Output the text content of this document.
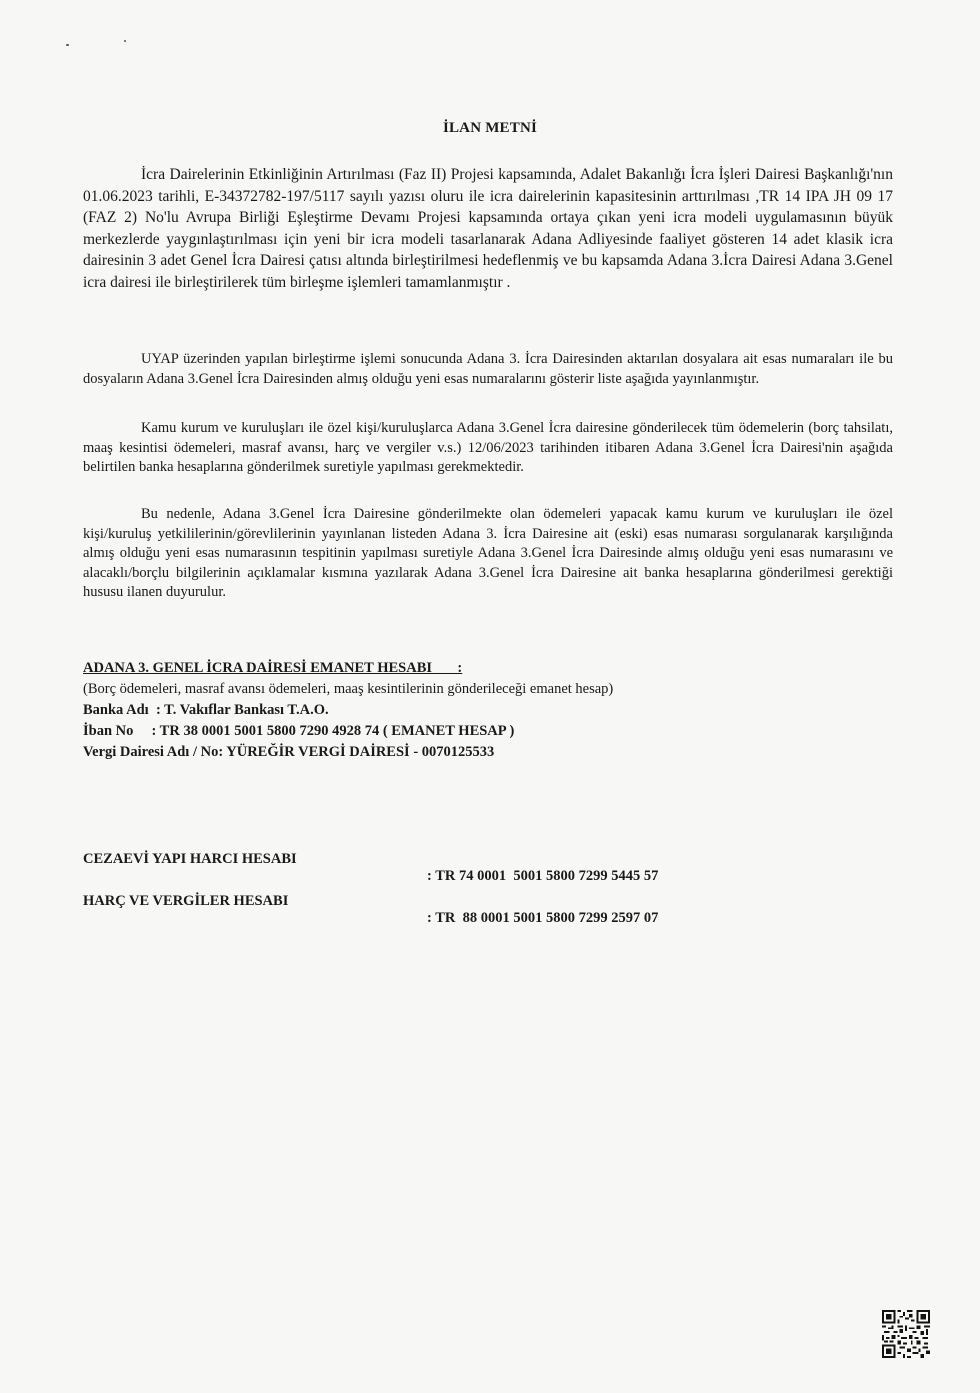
İLAN METNİ

İcra Dairelerinin Etkinliğinin Artırılması (Faz II) Projesi kapsamında, Adalet Bakanlığı İcra İşleri Dairesi Başkanlığı'nın 01.06.2023 tarihli, E-34372782-197/5117 sayılı yazısı oluru ile icra dairelerinin kapasitesinin arttırılması ,TR 14 IPA JH 09 17 (FAZ 2) No'lu Avrupa Birliği Eşleştirme Devamı Projesi kapsamında ortaya çıkan yeni icra modeli uygulamasının büyük merkezlerde yaygınlaştırılması için yeni bir icra modeli tasarlanarak Adana Adliyesinde faaliyet gösteren 14 adet klasik icra dairesinin 3 adet Genel İcra Dairesi çatısı altında birleştirilmesi hedeflenmiş ve bu kapsamda Adana 3.İcra Dairesi Adana 3.Genel icra dairesi ile birleştirilerek tüm birleşme işlemleri tamamlanmıştır .

UYAP üzerinden yapılan birleştirme işlemi sonucunda Adana 3. İcra Dairesinden aktarılan dosyalara ait esas numaraları ile bu dosyaların Adana 3.Genel İcra Dairesinden almış olduğu yeni esas numaralarını gösterir liste aşağıda yayınlanmıştır.

Kamu kurum ve kuruluşları ile özel kişi/kuruluşlarca Adana 3.Genel İcra dairesine gönderilecek tüm ödemelerin (borç tahsilatı, maaş kesintisi ödemeleri, masraf avansı, harç ve vergiler v.s.) 12/06/2023 tarihinden itibaren Adana 3.Genel İcra Dairesi'nin aşağıda belirtilen banka hesaplarına gönderilmek suretiyle yapılması gerekmektedir.

Bu nedenle, Adana 3.Genel İcra Dairesine gönderilmekte olan ödemeleri yapacak kamu kurum ve kuruluşları ile özel kişi/kuruluş yetkililerinin/görevlilerinin yayınlanan listeden Adana 3. İcra Dairesine ait (eski) esas numarası sorgulanarak karşılığında almış olduğu yeni esas numarasının tespitinin yapılması suretiyle Adana 3.Genel İcra Dairesinde almış olduğu yeni esas numarasını ve alacaklı/borçlu bilgilerinin açıklamalar kısmına yazılarak Adana 3.Genel İcra Dairesine ait banka hesaplarına gönderilmesi gerektiği hususu ilanen duyurulur.

ADANA 3. GENEL İCRA DAİRESİ EMANET HESABI       :
(Borç ödemeleri, masraf avansı ödemeleri, maaş kesintilerinin gönderileceği emanet hesap)
Banka Adı  : T. Vakıflar Bankası T.A.O.
İban No     : TR 38 0001 5001 5800 7290 4928 74 ( EMANET HESAP )
Vergi Dairesi Adı / No: YÜREĞİR VERGİ DAİRESİ - 0070125533

CEZAEVİ YAPI HARCI HESABI

: TR 74 0001  5001 5800 7299 5445 57

HARÇ VE VERGİLER HESABI

: TR  88 0001 5001 5800 7299 2597 07
